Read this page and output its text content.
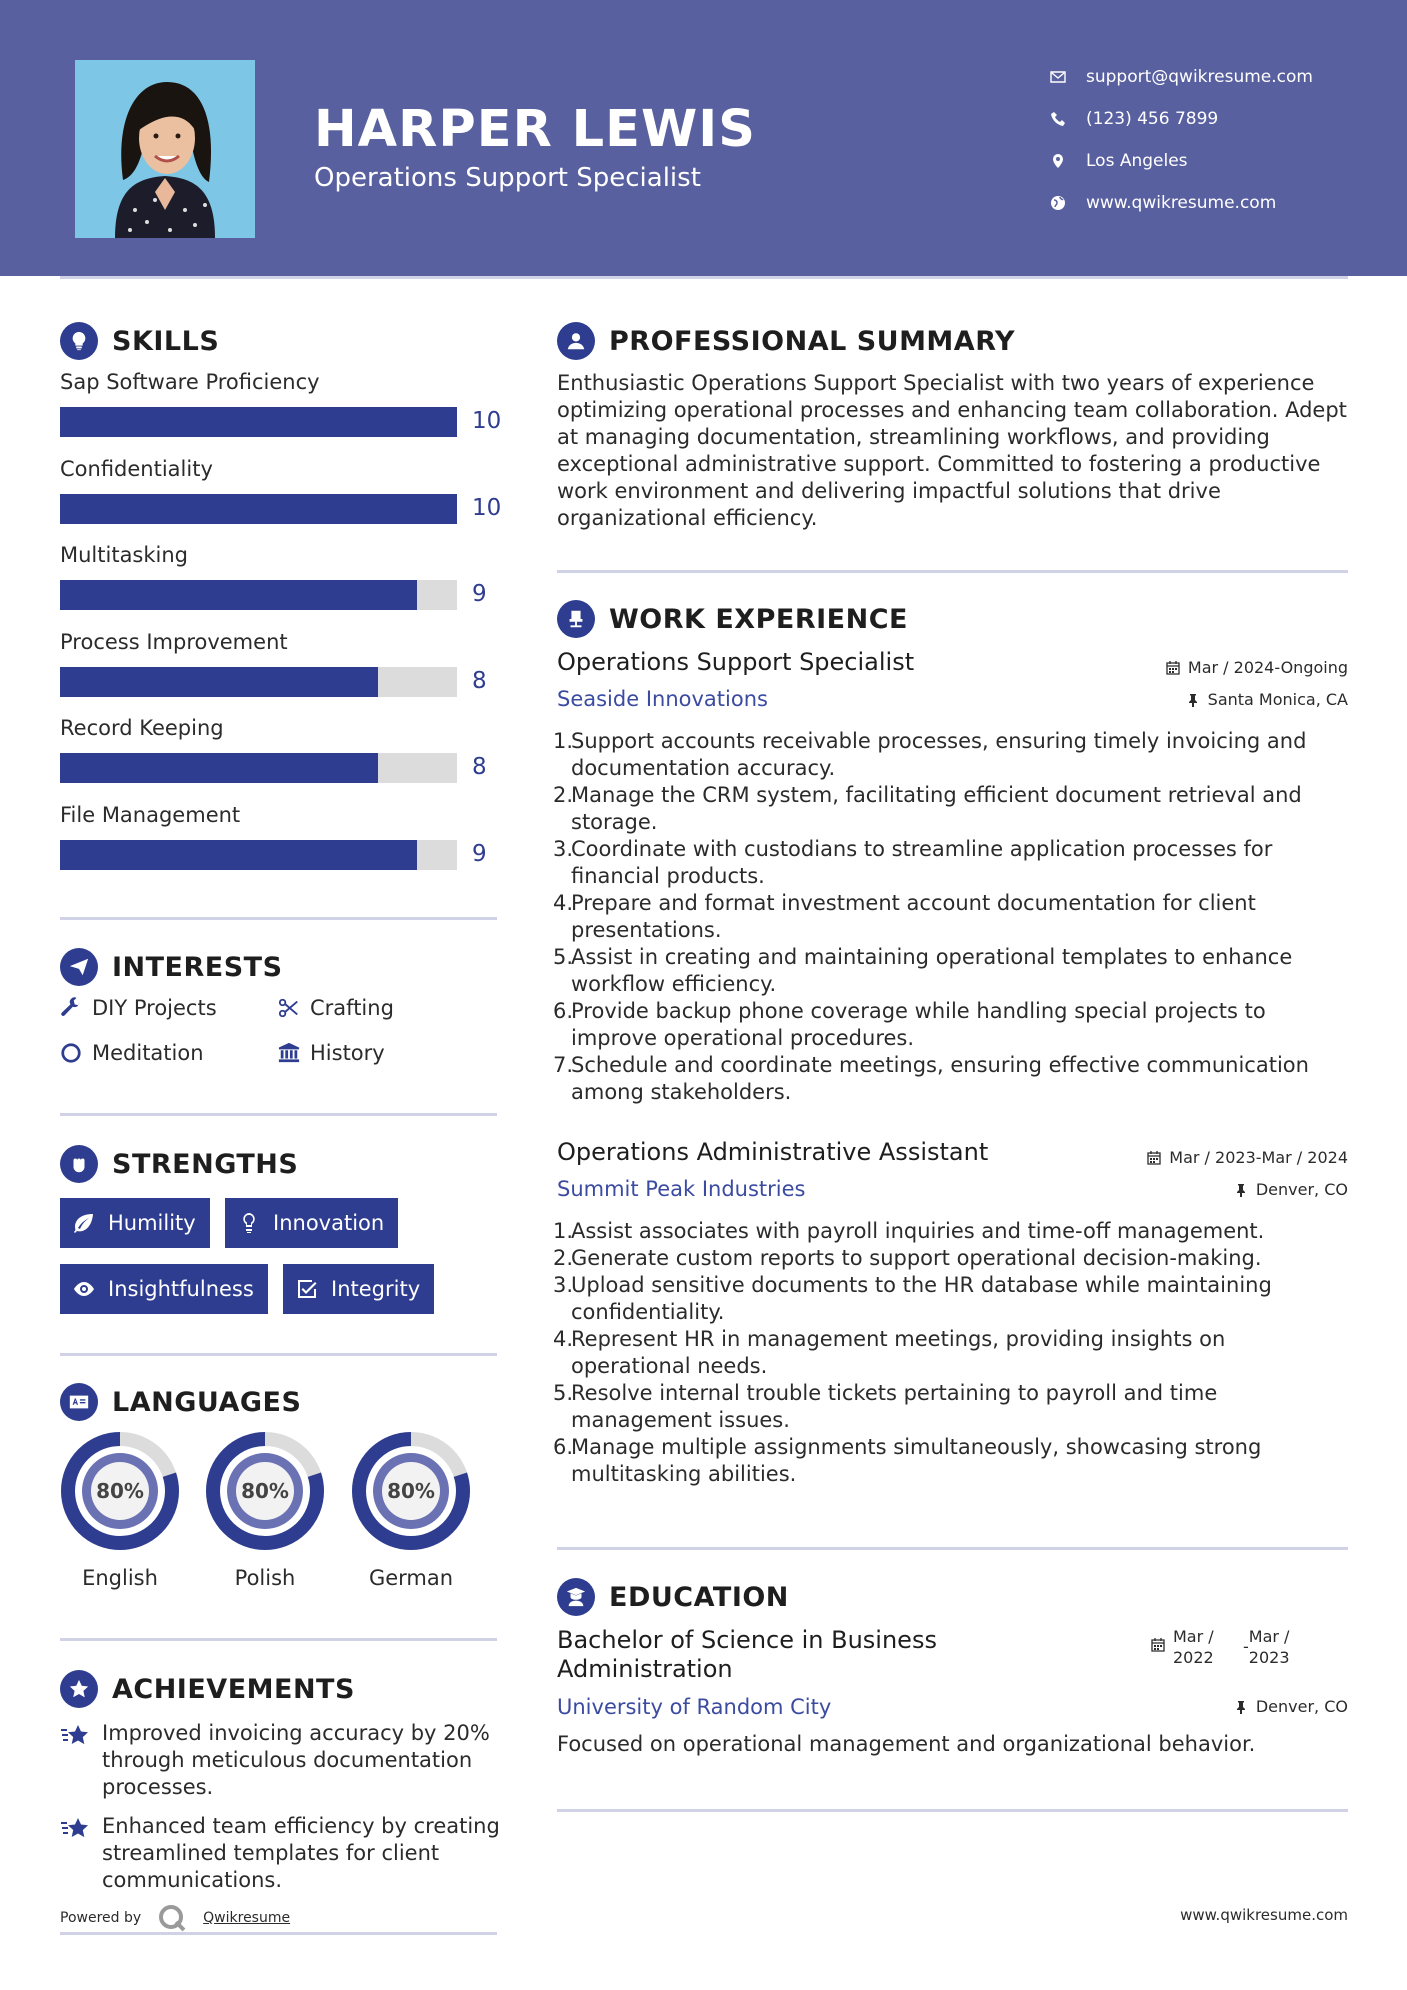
HARPER LEWIS
Operations Support Specialist
support@qwikresume.com
(123) 456 7899
Los Angeles
www.qwikresume.com
SKILLS
Sap Software Proficiency
10
Confidentiality
10
Multitasking
9
Process Improvement
8
Record Keeping
8
File Management
9
INTERESTS
DIY Projects	Crafting
Meditation	History
STRENGTHS
Humility	Innovation
Insightfulness	Integrity
LANGUAGES
80%
English
80%
Polish
80%
German
ACHIEVEMENTS
Improved invoicing accuracy by 20% through meticulous documentation processes.
Enhanced team efficiency by creating streamlined templates for client communications.
Powered by	Qwikresume	www.qwikresume.com
PROFESSIONAL SUMMARY
Enthusiastic Operations Support Specialist with two years of experience optimizing operational processes and enhancing team collaboration. Adept at managing documentation, streamlining workflows, and providing exceptional administrative support. Committed to fostering a productive work environment and delivering impactful solutions that drive organizational efficiency.
WORK EXPERIENCE
Operations Support Specialist	Mar / 2024-Ongoing
Seaside Innovations	Santa Monica, CA
1.
Support accounts receivable processes, ensuring timely invoicing and documentation accuracy.
2.
Manage the CRM system, facilitating efficient document retrieval and storage.
3.
Coordinate with custodians to streamline application processes for financial products.
4.
Prepare and format investment account documentation for client presentations.
5.
Assist in creating and maintaining operational templates to enhance workflow efficiency.
6.
Provide backup phone coverage while handling special projects to improve operational procedures.
7.
Schedule and coordinate meetings, ensuring effective communication among stakeholders.
Operations Administrative Assistant	Mar / 2023-Mar / 2024
Summit Peak Industries	Denver, CO
1.
Assist associates with payroll inquiries and time-off management.
2.
Generate custom reports to support operational decision-making.
3.
Upload sensitive documents to the HR database while maintaining confidentiality.
4.
Represent HR in management meetings, providing insights on operational needs.
5.
Resolve internal trouble tickets pertaining to payroll and time management issues.
6.
Manage multiple assignments simultaneously, showcasing strong multitasking abilities.
EDUCATION
Bachelor of Science in Business
Administration
Mar /
2022
-
Mar /
2023
University of Random City	Denver, CO
Focused on operational management and organizational behavior.
